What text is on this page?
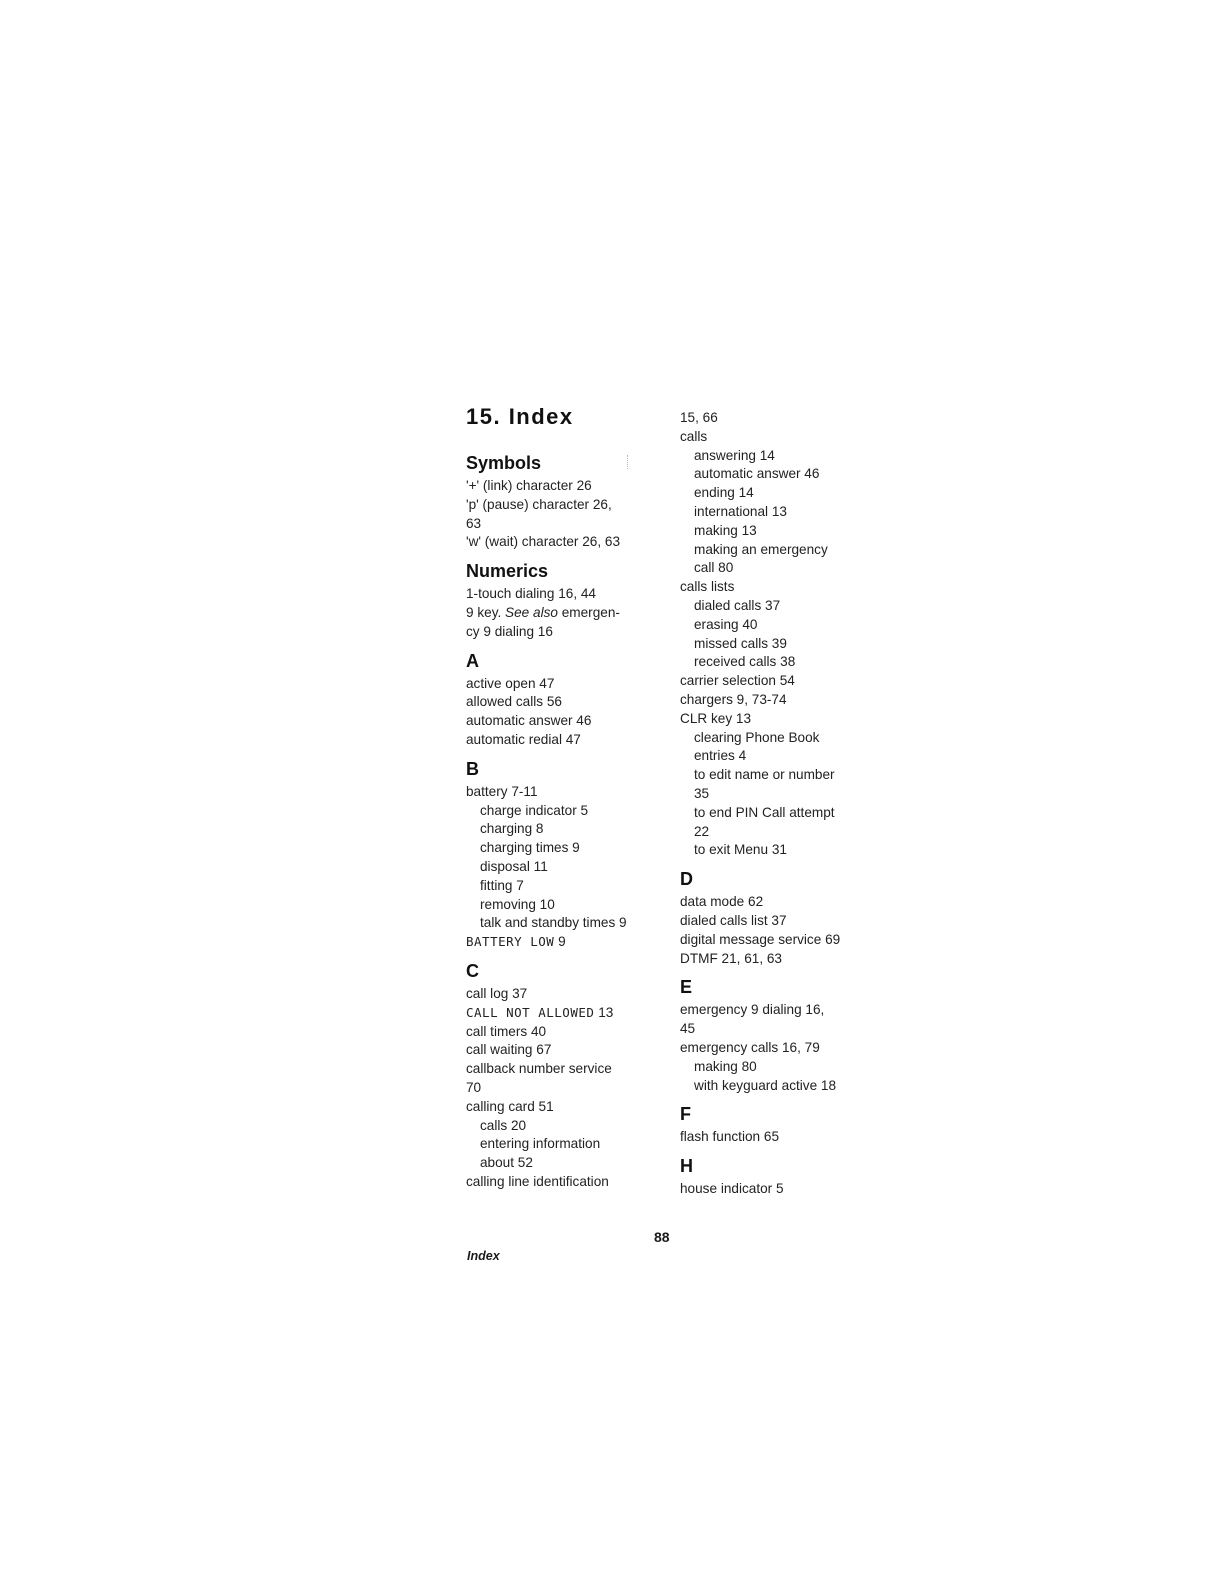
15. Index
Symbols
'+' (link) character 26
'p' (pause) character 26,
63
'w' (wait) character 26, 63
Numerics
1-touch dialing 16, 44
9 key. See also emergen-
cy 9 dialing 16
A
active open 47
allowed calls 56
automatic answer 46
automatic redial 47
B
battery 7-11
charge indicator 5
charging 8
charging times 9
disposal 11
fitting 7
removing 10
talk and standby times 9
BATTERY LOW 9
C
call log 37
CALL NOT ALLOWED 13
call timers 40
call waiting 67
callback number service
70
calling card 51
calls 20
entering information
about 52
calling line identification
15, 66
calls
answering 14
automatic answer 46
ending 14
international 13
making 13
making an emergency
call 80
calls lists
dialed calls 37
erasing 40
missed calls 39
received calls 38
carrier selection 54
chargers 9, 73-74
CLR key 13
clearing Phone Book
entries 4
to edit name or number
35
to end PIN Call attempt
22
to exit Menu 31
D
data mode 62
dialed calls list 37
digital message service 69
DTMF 21, 61, 63
E
emergency 9 dialing 16,
45
emergency calls 16, 79
making 80
with keyguard active 18
F
flash function 65
H
house indicator 5
88
Index
